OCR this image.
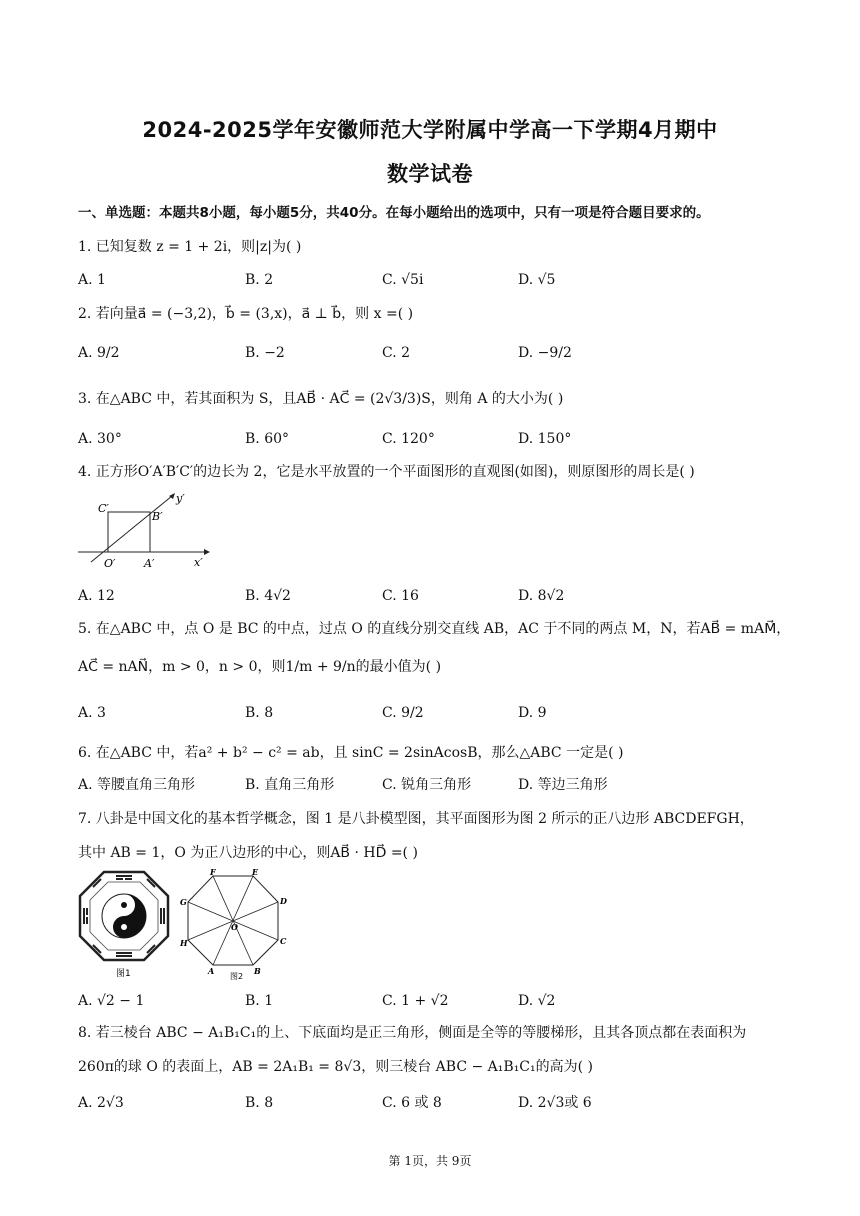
2024-2025学年安徽师范大学附属中学高一下学期4月期中
数学试卷
一、单选题：本题共8小题，每小题5分，共40分。在每小题给出的选项中，只有一项是符合题目要求的。
1. 已知复数 z = 1 + 2i，则|z|为( )
A. 1	B. 2	C. √5i	D. √5
2. 若向量a⃗ = (−3,2)，b⃗ = (3,x)，a⃗ ⊥ b⃗，则 x =( )
A. 9/2	B. −2	C. 2	D. −9/2
3. 在△ABC 中，若其面积为 S，且AB⃗ · AC⃗ = (2√3/3)S，则角 A 的大小为( )
A. 30°	B. 60°	C. 120°	D. 150°
4. 正方形O′A′B′C′的边长为 2，它是水平放置的一个平面图形的直观图(如图)，则原图形的周长是( )
C′
y′
B′
O′	A′	x′
A. 12	B. 4√2	C. 16	D. 8√2
5. 在△ABC 中，点 O 是 BC 的中点，过点 O 的直线分别交直线 AB，AC 于不同的两点 M，N，若AB⃗ = mAM⃗，
AC⃗ = nAN⃗，m > 0，n > 0，则1/m + 9/n的最小值为( )
A. 3	B. 8	C. 9/2	D. 9
6. 在△ABC 中，若a² + b² − c² = ab，且 sinC = 2sinAcosB，那么△ABC 一定是( )
A. 等腰直角三角形	B. 直角三角形	C. 锐角三角形	D. 等边三角形
7. 八卦是中国文化的基本哲学概念，图 1 是八卦模型图，其平面图形为图 2 所示的正八边形 ABCDEFGH，
其中 AB = 1，O 为正八边形的中心，则AB⃗ · HD⃗ =( )
图1	A	B
C
D
E
F
G
H
O
图2
A. √2 − 1	B. 1	C. 1 + √2	D. √2
8. 若三棱台 ABC − A₁B₁C₁的上、下底面均是正三角形，侧面是全等的等腰梯形，且其各顶点都在表面积为
260π的球 O 的表面上，AB = 2A₁B₁ = 8√3，则三棱台 ABC − A₁B₁C₁的高为( )
A. 2√3	B. 8	C. 6 或 8	D. 2√3或 6
第 1页，共 9页
